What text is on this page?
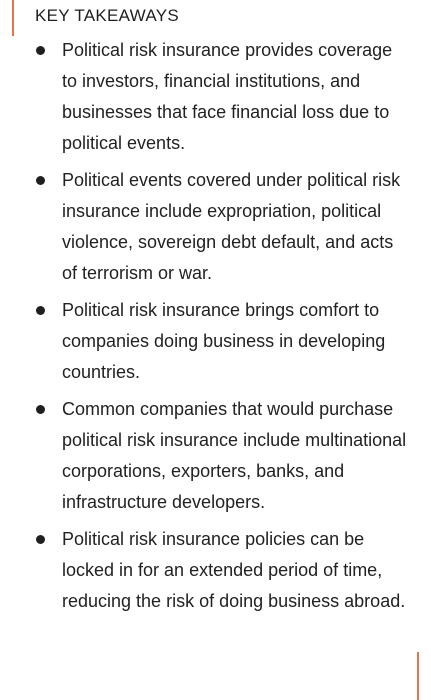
KEY TAKEAWAYS
Political risk insurance provides coverage to investors, financial institutions, and businesses that face financial loss due to political events.
Political events covered under political risk insurance include expropriation, political violence, sovereign debt default, and acts of terrorism or war.
Political risk insurance brings comfort to companies doing business in developing countries.
Common companies that would purchase political risk insurance include multinational corporations, exporters, banks, and infrastructure developers.
Political risk insurance policies can be locked in for an extended period of time, reducing the risk of doing business abroad.
